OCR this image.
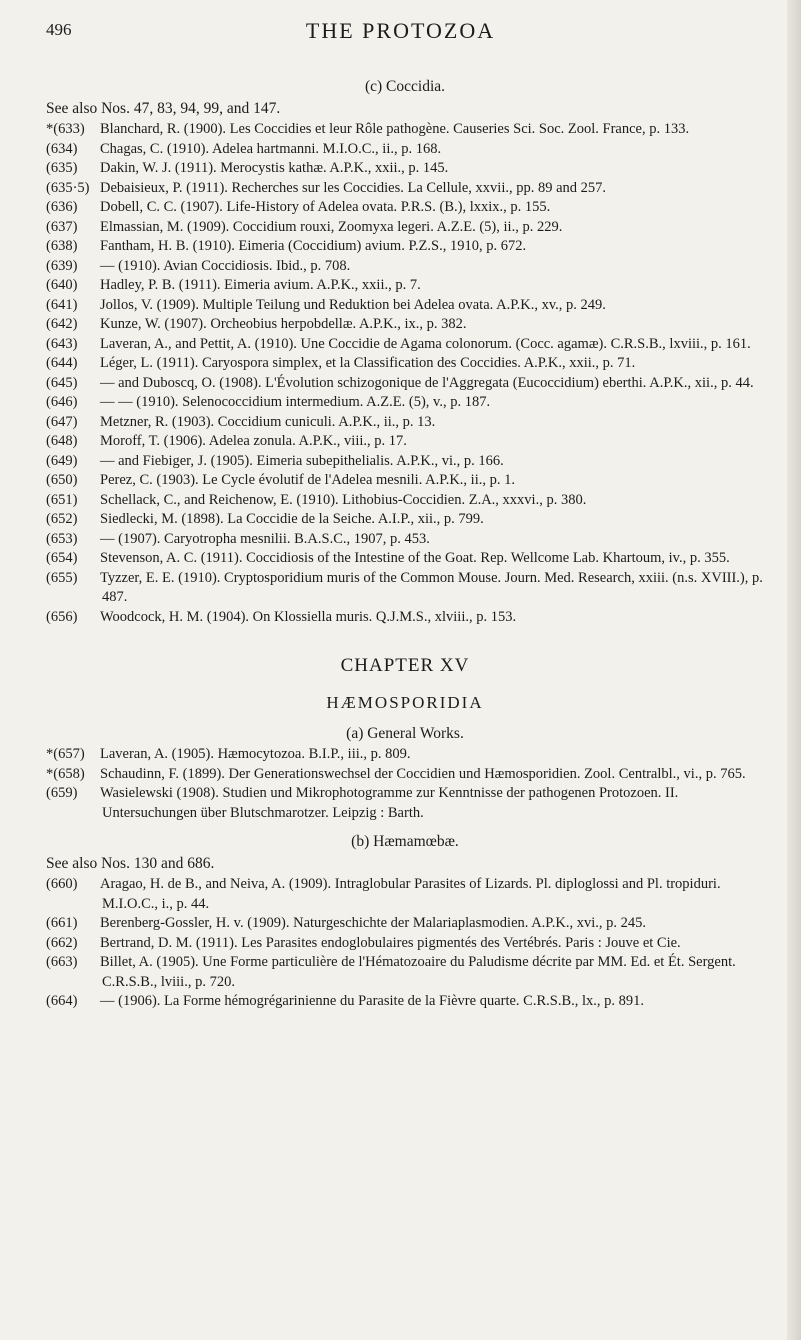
496	THE PROTOZOA
(c) Coccidia.
See also Nos. 47, 83, 94, 99, and 147.
*(633) Blanchard, R. (1900). Les Coccidies et leur Rôle pathogène. Causeries Sci. Soc. Zool. France, p. 133.
(634) Chagas, C. (1910). Adelea hartmanni. M.I.O.C., ii., p. 168.
(635) Dakin, W. J. (1911). Merocystis kathæ. A.P.K., xxii., p. 145.
(635·5) Debaisieux, P. (1911). Recherches sur les Coccidies. La Cellule, xxvii., pp. 89 and 257.
(636) Dobell, C. C. (1907). Life-History of Adelea ovata. P.R.S. (B.), lxxix., p. 155.
(637) Elmassian, M. (1909). Coccidium rouxi, Zoomyxa legeri. A.Z.E. (5), ii., p. 229.
(638) Fantham, H. B. (1910). Eimeria (Coccidium) avium. P.Z.S., 1910, p. 672.
(639) — (1910). Avian Coccidiosis. Ibid., p. 708.
(640) Hadley, P. B. (1911). Eimeria avium. A.P.K., xxii., p. 7.
(641) Jollos, V. (1909). Multiple Teilung und Reduktion bei Adelea ovata. A.P.K., xv., p. 249.
(642) Kunze, W. (1907). Orcheobius herpobdellæ. A.P.K., ix., p. 382.
(643) Laveran, A., and Pettit, A. (1910). Une Coccidie de Agama colonorum. (Cocc. agamæ). C.R.S.B., lxviii., p. 161.
(644) Léger, L. (1911). Caryospora simplex, et la Classification des Coccidies. A.P.K., xxii., p. 71.
(645) — and Duboscq, O. (1908). L'Évolution schizogonique de l'Aggregata (Eucoccidium) eberthi. A.P.K., xii., p. 44.
(646) — — (1910). Selenococcidium intermedium. A.Z.E. (5), v., p. 187.
(647) Metzner, R. (1903). Coccidium cuniculi. A.P.K., ii., p. 13.
(648) Moroff, T. (1906). Adelea zonula. A.P.K., viii., p. 17.
(649) — and Fiebiger, J. (1905). Eimeria subepithelialis. A.P.K., vi., p. 166.
(650) Perez, C. (1903). Le Cycle évolutif de l'Adelea mesnili. A.P.K., ii., p. 1.
(651) Schellack, C., and Reichenow, E. (1910). Lithobius-Coccidien. Z.A., xxxvi., p. 380.
(652) Siedlecki, M. (1898). La Coccidie de la Seiche. A.I.P., xii., p. 799.
(653) — (1907). Caryotropha mesnilii. B.A.S.C., 1907, p. 453.
(654) Stevenson, A. C. (1911). Coccidiosis of the Intestine of the Goat. Rep. Wellcome Lab. Khartoum, iv., p. 355.
(655) Tyzzer, E. E. (1910). Cryptosporidium muris of the Common Mouse. Journ. Med. Research, xxiii. (n.s. XVIII.), p. 487.
(656) Woodcock, H. M. (1904). On Klossiella muris. Q.J.M.S., xlviii., p. 153.
CHAPTER XV
HÆMOSPORIDIA
(a) General Works.
*(657) Laveran, A. (1905). Hæmocytozoa. B.I.P., iii., p. 809.
*(658) Schaudinn, F. (1899). Der Generationswechsel der Coccidien und Hæmosporidien. Zool. Centralbl., vi., p. 765.
(659) Wasielewski (1908). Studien und Mikrophotogramme zur Kenntnisse der pathogenen Protozoen. II. Untersuchungen über Blutschmarotzer. Leipzig : Barth.
(b) Hæmamœbæ.
See also Nos. 130 and 686.
(660) Aragao, H. de B., and Neiva, A. (1909). Intraglobular Parasites of Lizards. Pl. diploglossi and Pl. tropiduri. M.I.O.C., i., p. 44.
(661) Berenberg-Gossler, H. v. (1909). Naturgeschichte der Malariaplasmodien. A.P.K., xvi., p. 245.
(662) Bertrand, D. M. (1911). Les Parasites endoglobulaires pigmentés des Vertébrés. Paris : Jouve et Cie.
(663) Billet, A. (1905). Une Forme particulière de l'Hématozoaire du Paludisme décrite par MM. Ed. et Ét. Sergent. C.R.S.B., lviii., p. 720.
(664) — (1906). La Forme hémogrégarinienne du Parasite de la Fièvre quarte. C.R.S.B., lx., p. 891.
